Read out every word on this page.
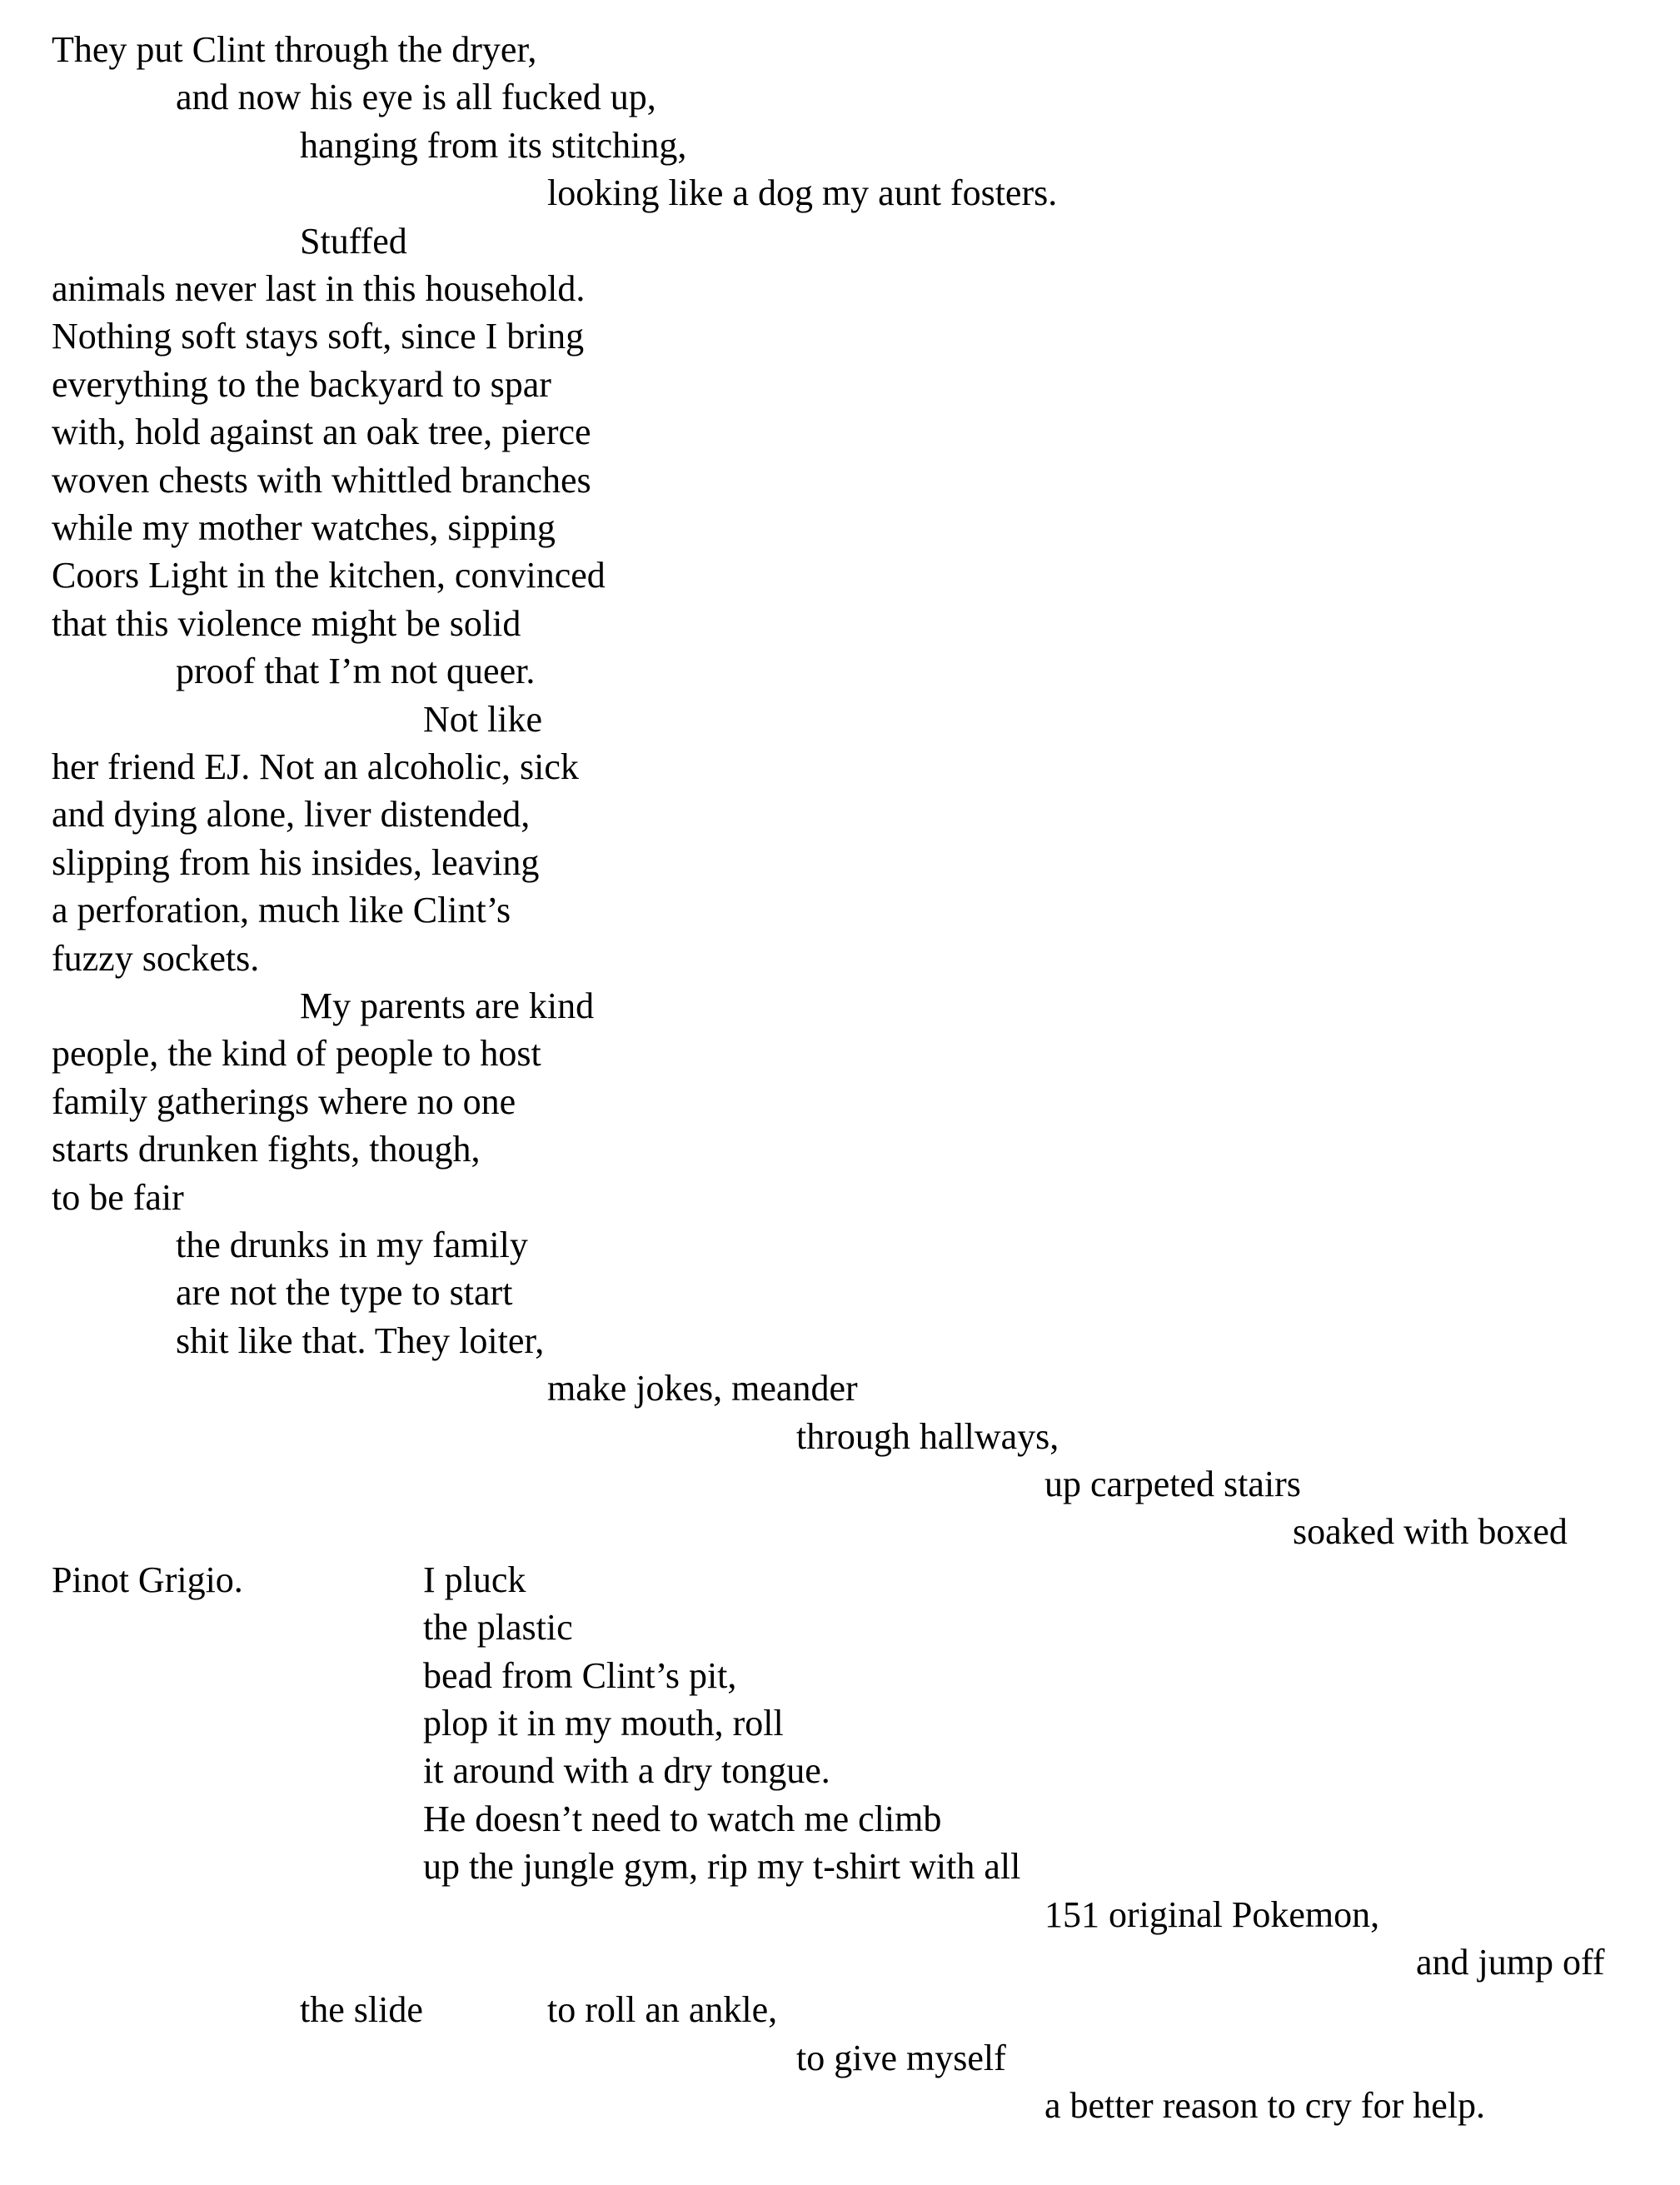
They put Clint through the dryer,

and now his eye is all fucked up,

hanging from its stitching,

looking like a dog my aunt fosters.

Stuffed

animals never last in this household.

Nothing soft stays soft, since I bring

everything to the backyard to spar

with, hold against an oak tree, pierce

woven chests with whittled branches

while my mother watches, sipping

Coors Light in the kitchen, convinced

that this violence might be solid

proof that I’m not queer.

Not like

her friend EJ. Not an alcoholic, sick

and dying alone, liver distended,

slipping from his insides, leaving

a perforation, much like Clint’s

fuzzy sockets.

My parents are kind

people, the kind of people to host

family gatherings where no one

starts drunken fights, though,

to be fair

the drunks in my family

are not the type to start

shit like that. They loiter,

make jokes, meander

through hallways,

up carpeted stairs

soaked with boxed

Pinot Grigio.	I pluck

the plastic

bead from Clint’s pit,

plop it in my mouth, roll

it around with a dry tongue.

He doesn’t need to watch me climb

up the jungle gym, rip my t-shirt with all

151 original Pokemon,

and jump off

the slide	to roll an ankle,

to give myself

a better reason to cry for help.
